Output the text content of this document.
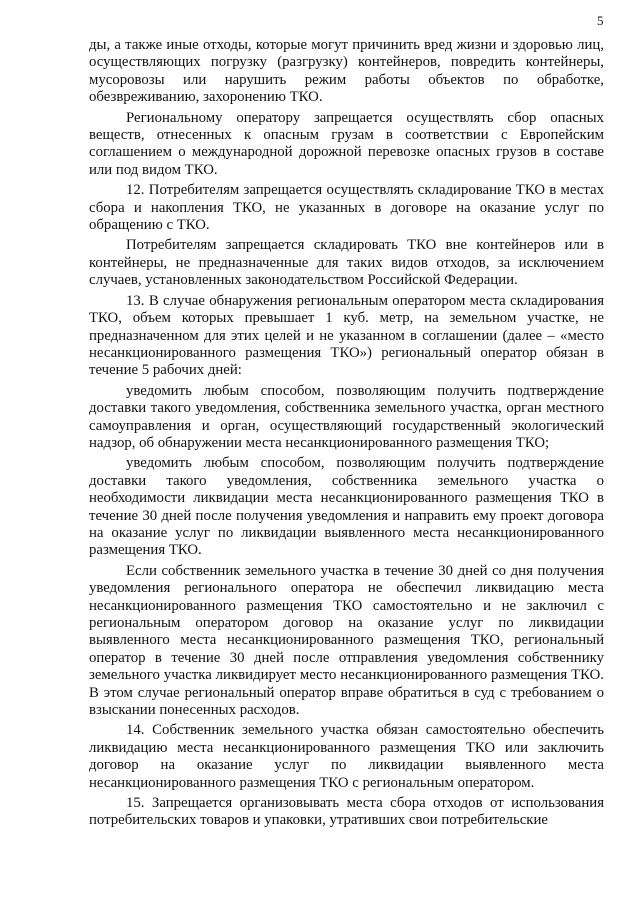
5

ды, а также иные отходы, которые могут причинить вред жизни и здоровью лиц, осуществляющих погрузку (разгрузку) контейнеров, повредить контейнеры, мусоровозы или нарушить режим работы объектов по обработке, обезвреживанию, захоронению ТКО.

Региональному оператору запрещается осуществлять сбор опасных веществ, отнесенных к опасным грузам в соответствии с Европейским соглашением о международной дорожной перевозке опасных грузов в составе или под видом ТКО.

12. Потребителям запрещается осуществлять складирование ТКО в местах сбора и накопления ТКО, не указанных в договоре на оказание услуг по обращению с ТКО.

Потребителям запрещается складировать ТКО вне контейнеров или в контейнеры, не предназначенные для таких видов отходов, за исключением случаев, установленных законодательством Российской Федерации.

13. В случае обнаружения региональным оператором места складирования ТКО, объем которых превышает 1 куб. метр, на земельном участке, не предназначенном для этих целей и не указанном в соглашении (далее – «место несанкционированного размещения ТКО») региональный оператор обязан в течение 5 рабочих дней:

уведомить любым способом, позволяющим получить подтверждение доставки такого уведомления, собственника земельного участка, орган местного самоуправления и орган, осуществляющий государственный экологический надзор, об обнаружении места несанкционированного размещения ТКО;

уведомить любым способом, позволяющим получить подтверждение доставки такого уведомления, собственника земельного участка о необходимости ликвидации места несанкционированного размещения ТКО в течение 30 дней после получения уведомления и направить ему проект договора на оказание услуг по ликвидации выявленного места несанкционированного размещения ТКО.

Если собственник земельного участка в течение 30 дней со дня получения уведомления регионального оператора не обеспечил ликвидацию места несанкционированного размещения ТКО самостоятельно и не заключил с региональным оператором договор на оказание услуг по ликвидации выявленного места несанкционированного размещения ТКО, региональный оператор в течение 30 дней после отправления уведомления собственнику земельного участка ликвидирует место несанкционированного размещения ТКО. В этом случае региональный оператор вправе обратиться в суд с требованием о взыскании понесенных расходов.

14. Собственник земельного участка обязан самостоятельно обеспечить ликвидацию места несанкционированного размещения ТКО или заключить договор на оказание услуг по ликвидации выявленного места несанкционированного размещения ТКО с региональным оператором.

15. Запрещается организовывать места сбора отходов от использования потребительских товаров и упаковки, утративших свои потребительские
